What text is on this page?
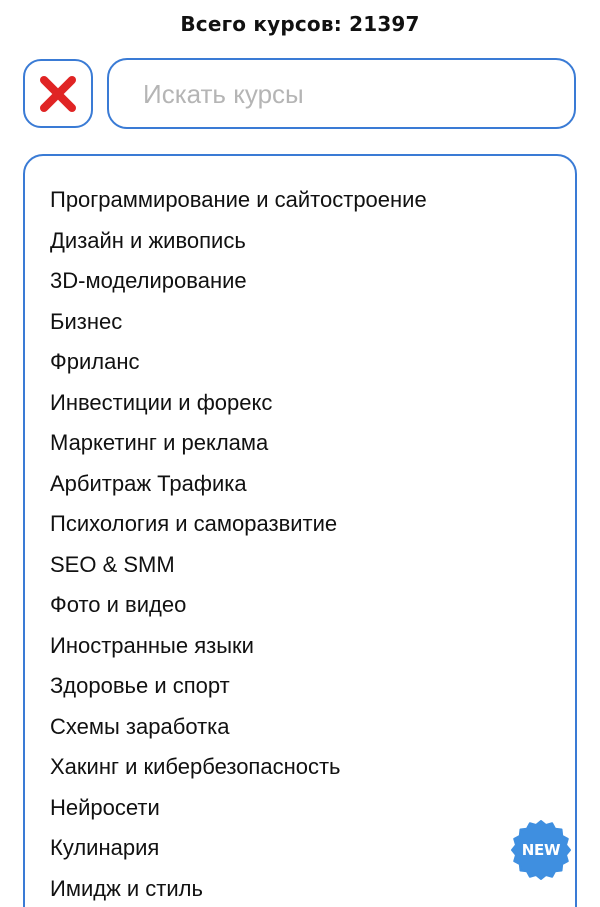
Всего курсов: 21397
Искать курсы
Программирование и сайтостроение
Дизайн и живопись
3D-моделирование
Бизнес
Фриланс
Инвестиции и форекс
Маркетинг и реклама
Арбитраж Трафика
Психология и саморазвитие
SEO & SMM
Фото и видео
Иностранные языки
Здоровье и спорт
Схемы заработка
Хакинг и кибербезопасность
Нейросети
Кулинария
Имидж и стиль
NEW
